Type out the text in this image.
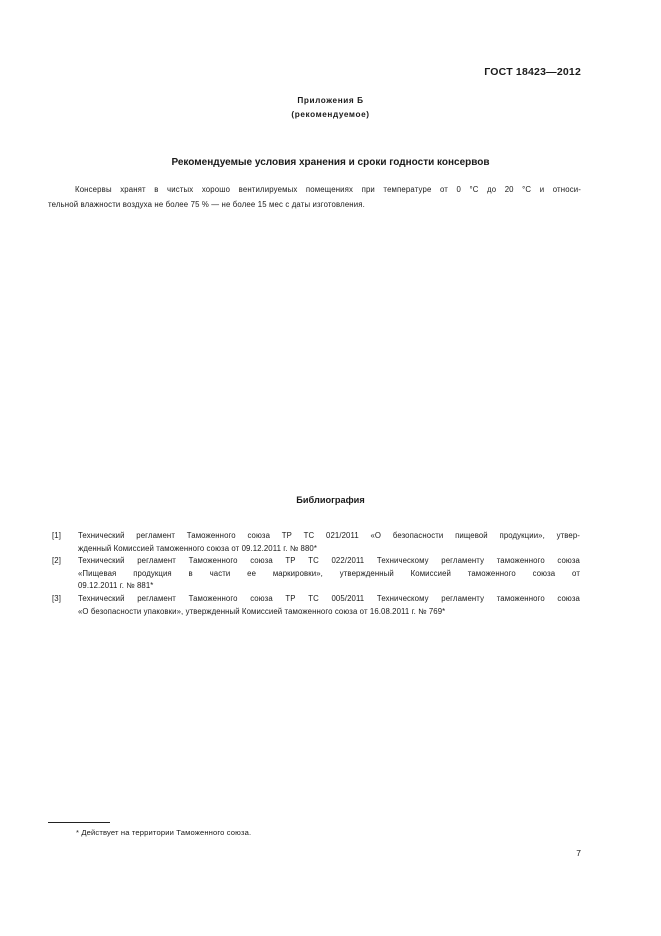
ГОСТ 18423—2012
Приложения Б
(рекомендуемое)
Рекомендуемые условия хранения и сроки годности консервов
Консервы хранят в чистых хорошо вентилируемых помещениях при температуре от 0 °С до 20 °С и относи-
тельной влажности воздуха не более 75 % — не более 15 мес с даты изготовления.
Библиография
[1]	Технический регламент Таможенного союза ТР ТС 021/2011 «О безопасности пищевой продукции», утвер-
жденный Комиссией таможенного союза от 09.12.2011 г. № 880*
[2]	Технический регламент Таможенного союза ТР ТС 022/2011 Техническому регламенту таможенного союза
«Пищевая продукция в части ее маркировки», утвержденный Комиссией таможенного союза от
09.12.2011 г. № 881*
[3]	Технический регламент Таможенного союза ТР ТС 005/2011 Техническому регламенту таможенного союза
«О безопасности упаковки», утвержденный Комиссией таможенного союза от 16.08.2011 г. № 769*
* Действует на территории Таможенного союза.
7
